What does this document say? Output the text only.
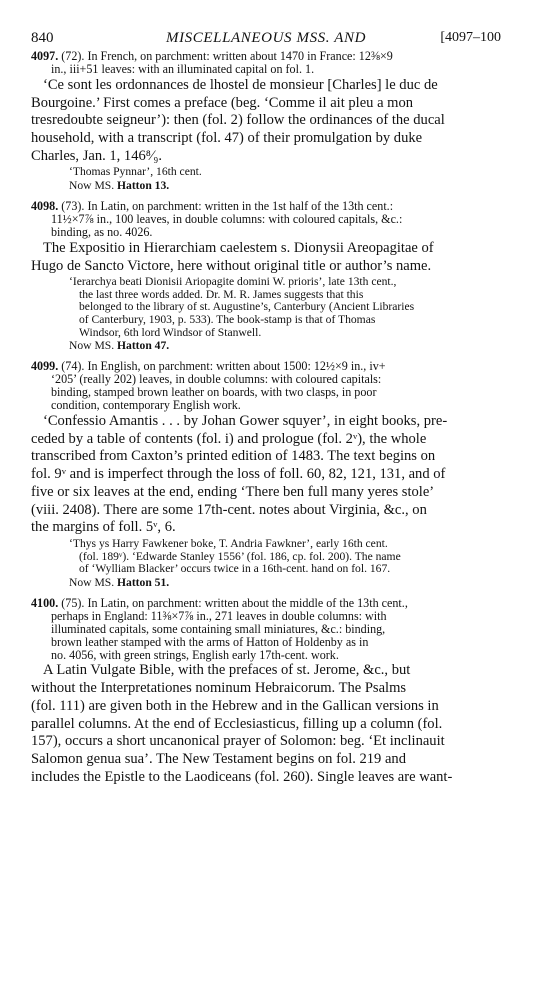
840	MISCELLANEOUS MSS. AND	[4097–100

4097. (72). In French, on parchment: written about 1470 in France: 12⅜×9
in., iii+51 leaves: with an illuminated capital on fol. 1.

‘Ce sont les ordonnances de lhostel de monsieur [Charles] le duc de
Bourgoine.’ First comes a preface (beg. ‘Comme il ait pleu a mon
tresredoubte seigneur’): then (fol. 2) follow the ordinances of the ducal
household, with a transcript (fol. 47) of their promulgation by duke
Charles, Jan. 1, 146⁸⁄₉.

‘Thomas Pynnar’, 16th cent.

Now MS. Hatton 13.

4098. (73). In Latin, on parchment: written in the 1st half of the 13th cent.:
11½×7⅞ in., 100 leaves, in double columns: with coloured capitals, &c.:
binding, as no. 4026.

The Expositio in Hierarchiam caelestem s. Dionysii Areopagitae of
Hugo de Sancto Victore, here without original title or author’s name.

‘Ierarchya beati Dionisii Ariopagite domini W. prioris’, late 13th cent.,
the last three words added. Dr. M. R. James suggests that this
belonged to the library of st. Augustine’s, Canterbury (Ancient Libraries
of Canterbury, 1903, p. 533). The book-stamp is that of Thomas
Windsor, 6th lord Windsor of Stanwell.

Now MS. Hatton 47.

4099. (74). In English, on parchment: written about 1500: 12½×9 in., iv+
‘205’ (really 202) leaves, in double columns: with coloured capitals:
binding, stamped brown leather on boards, with two clasps, in poor
condition, contemporary English work.

‘Confessio Amantis . . . by Johan Gower squyer’, in eight books, pre-
ceded by a table of contents (fol. i) and prologue (fol. 2ᵛ), the whole
transcribed from Caxton’s printed edition of 1483. The text begins on
fol. 9ᵛ and is imperfect through the loss of foll. 60, 82, 121, 131, and of
five or six leaves at the end, ending ‘There ben full many yeres stole’
(viii. 2408). There are some 17th-cent. notes about Virginia, &c., on
the margins of foll. 5ᵛ, 6.

‘Thys ys Harry Fawkener boke, T. Andria Fawkner’, early 16th cent.
(fol. 189ᵛ). ‘Edwarde Stanley 1556’ (fol. 186, cp. fol. 200). The name
of ‘Wylliam Blacker’ occurs twice in a 16th-cent. hand on fol. 167.

Now MS. Hatton 51.

4100. (75). In Latin, on parchment: written about the middle of the 13th cent.,
perhaps in England: 11⅜×7⅞ in., 271 leaves in double columns: with
illuminated capitals, some containing small miniatures, &c.: binding,
brown leather stamped with the arms of Hatton of Holdenby as in
no. 4056, with green strings, English early 17th-cent. work.

A Latin Vulgate Bible, with the prefaces of st. Jerome, &c., but
without the Interpretationes nominum Hebraicorum. The Psalms
(fol. 111) are given both in the Hebrew and in the Gallican versions in
parallel columns. At the end of Ecclesiasticus, filling up a column (fol.
157), occurs a short uncanonical prayer of Solomon: beg. ‘Et inclinauit
Salomon genua sua’. The New Testament begins on fol. 219 and
includes the Epistle to the Laodiceans (fol. 260). Single leaves are want-
